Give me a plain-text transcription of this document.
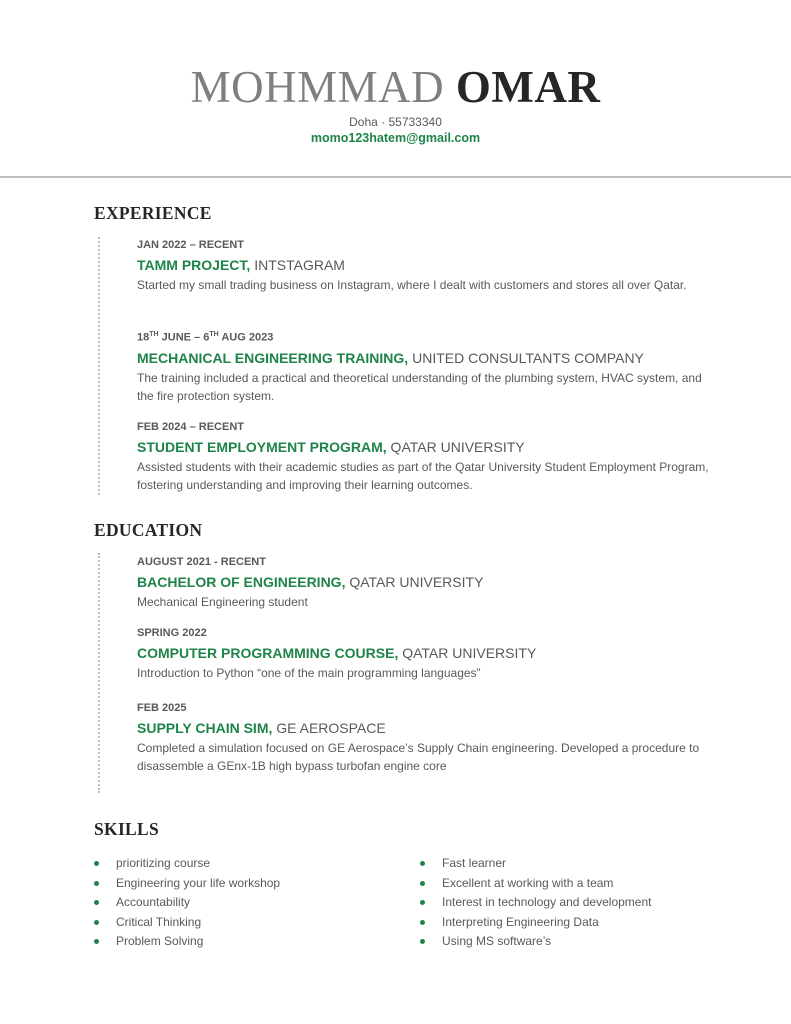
MOHMMAD OMAR
Doha · 55733340
momo123hatem@gmail.com
EXPERIENCE
JAN 2022 – RECENT
TAMM PROJECT, INTSTAGRAM
Started my small trading business on Instagram, where I dealt with customers and stores all over Qatar.
18TH JUNE – 6TH AUG 2023
MECHANICAL ENGINEERING TRAINING, UNITED CONSULTANTS COMPANY
The training included a practical and theoretical understanding of the plumbing system, HVAC system, and the fire protection system.
FEB 2024 – RECENT
STUDENT EMPLOYMENT PROGRAM, QATAR UNIVERSITY
Assisted students with their academic studies as part of the Qatar University Student Employment Program, fostering understanding and improving their learning outcomes.
EDUCATION
AUGUST 2021 - RECENT
BACHELOR OF ENGINEERING, QATAR UNIVERSITY
Mechanical Engineering student
SPRING 2022
COMPUTER PROGRAMMING COURSE, QATAR UNIVERSITY
Introduction to Python “one of the main programming languages”
FEB 2025
SUPPLY CHAIN SIM, GE AEROSPACE
Completed a simulation focused on GE Aerospace’s Supply Chain engineering. Developed a procedure to disassemble a GEnx-1B high bypass turbofan engine core
SKILLS
prioritizing course
Engineering your life workshop
Accountability
Critical Thinking
Problem Solving
Fast learner
Excellent at working with a team
Interest in technology and development
Interpreting Engineering Data
Using MS software’s
